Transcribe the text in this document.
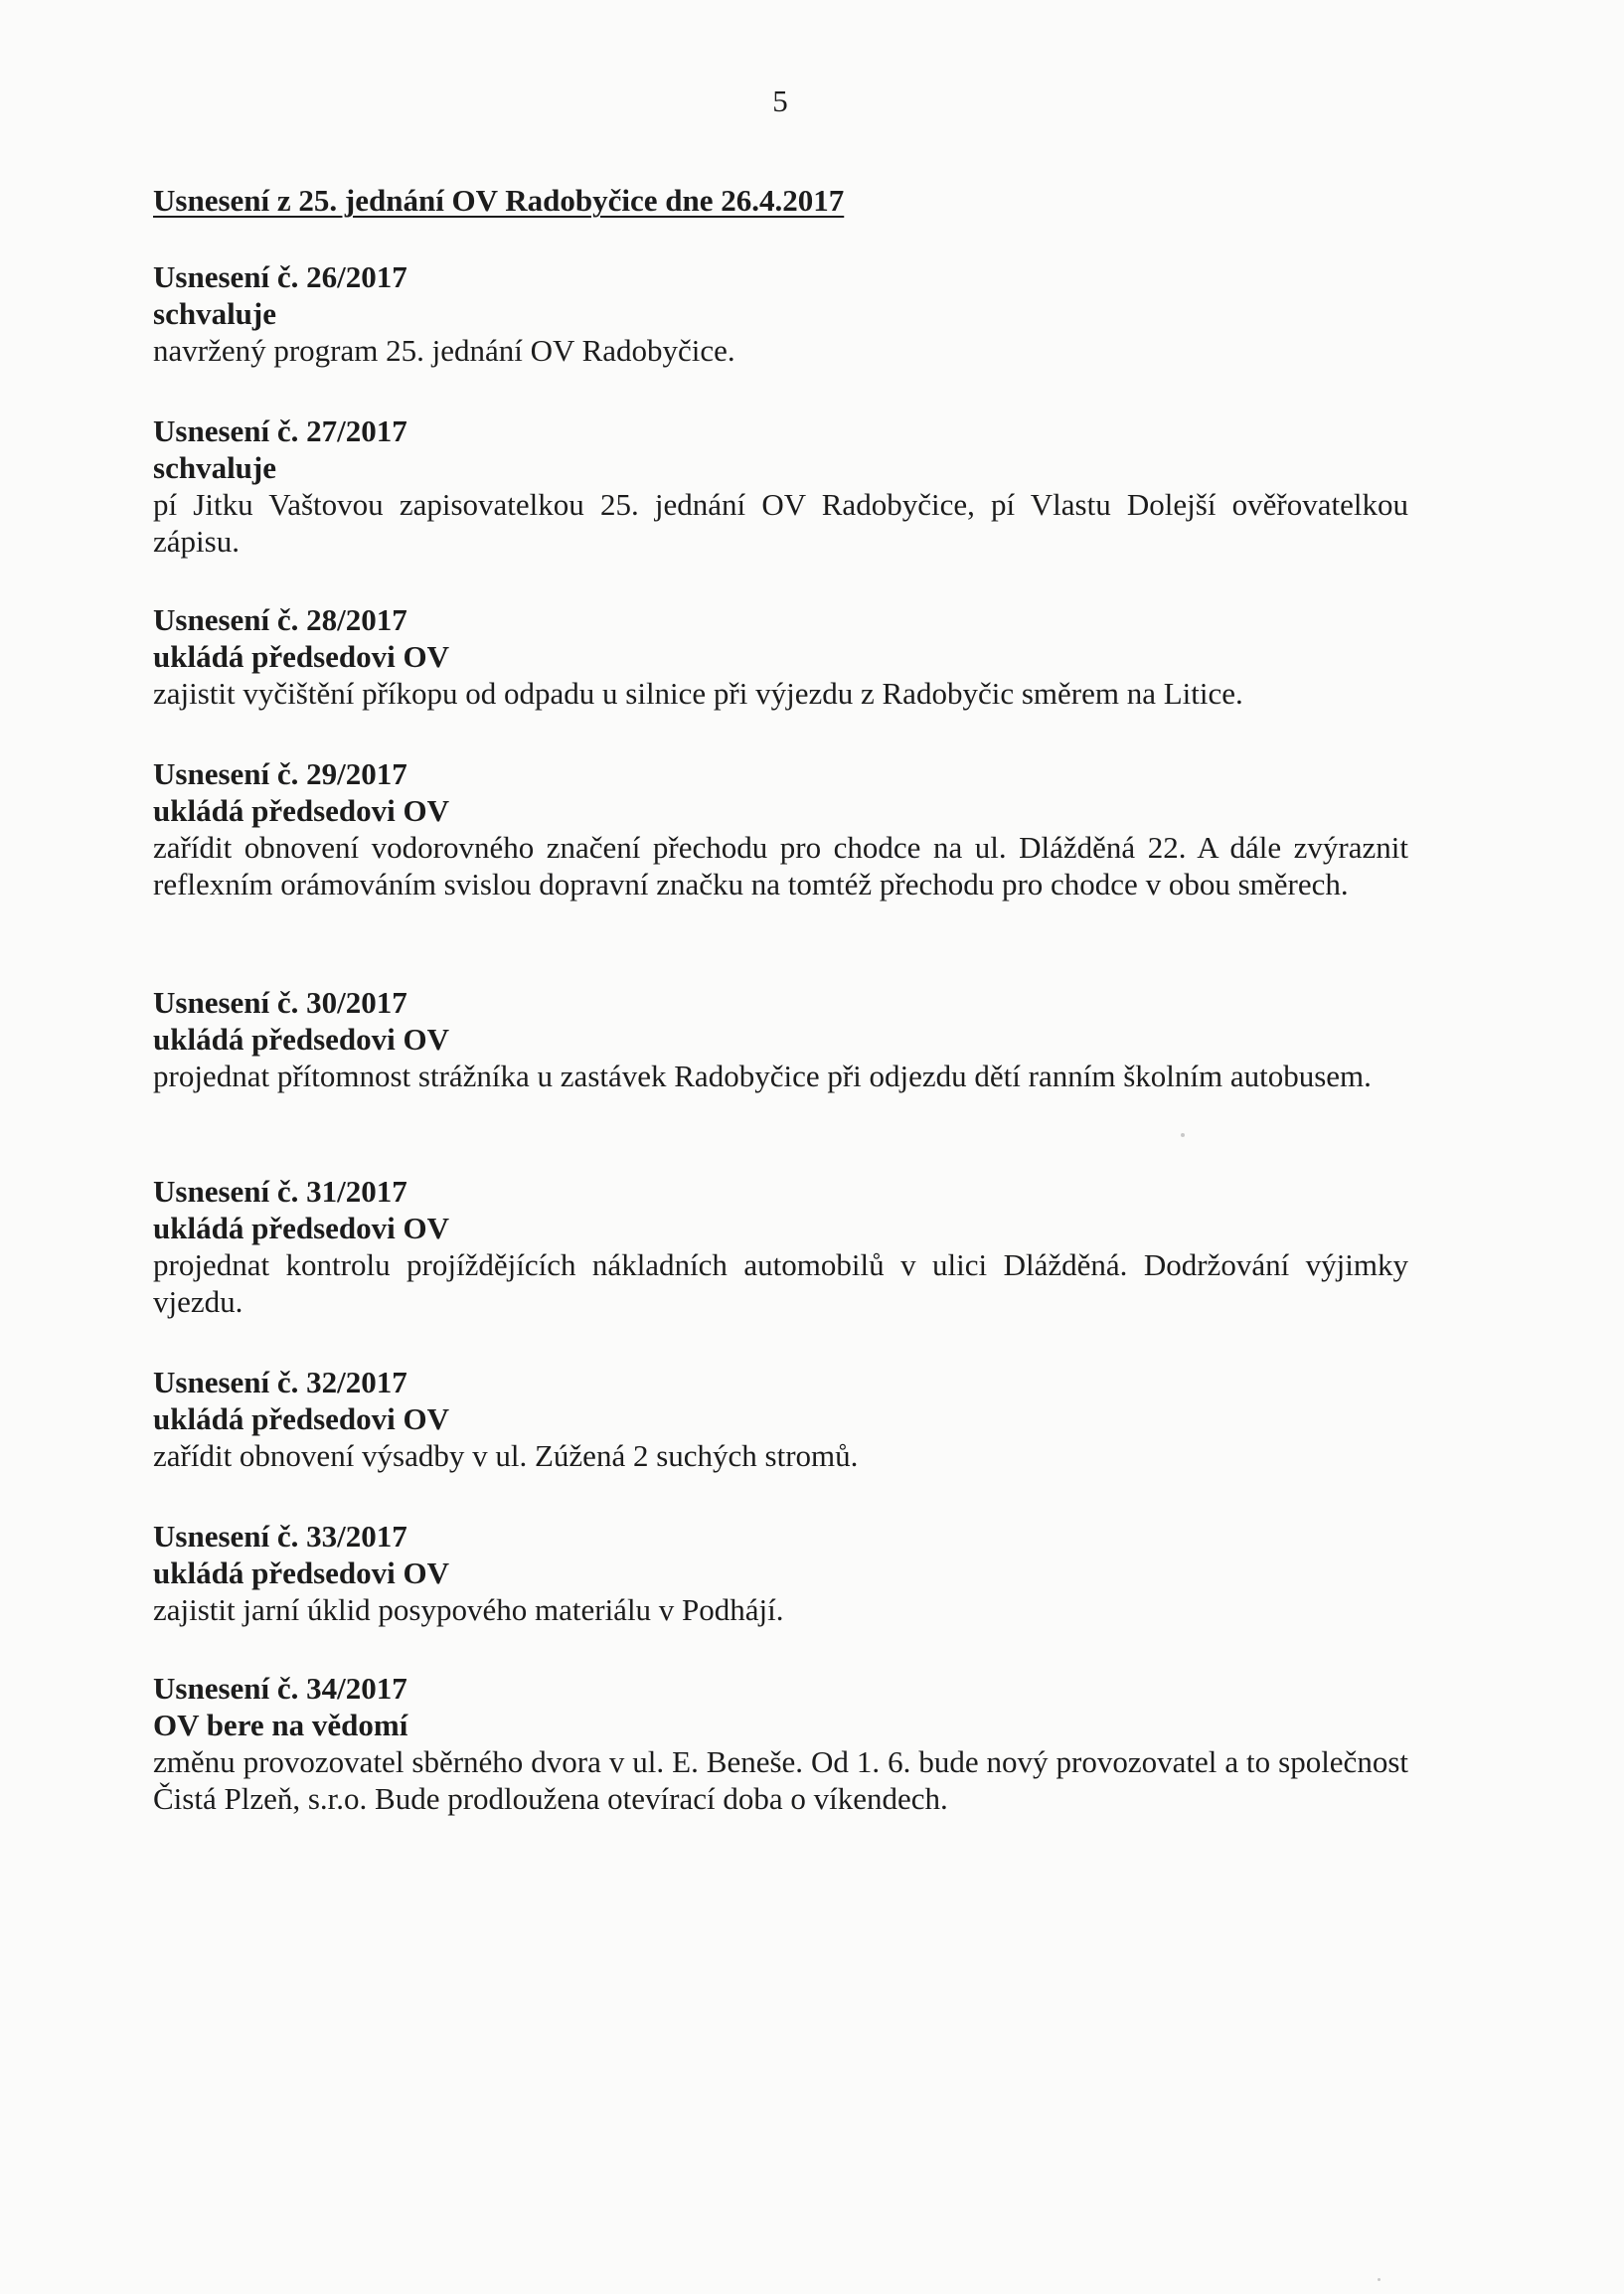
5
Usnesení z 25. jednání OV Radobyčice dne 26.4.2017
Usnesení č. 26/2017
schvaluje
navržený program 25. jednání OV Radobyčice.
Usnesení č. 27/2017
schvaluje
pí Jitku Vaštovou zapisovatelkou 25. jednání OV Radobyčice, pí Vlastu Dolejší ověřovatelkou zápisu.
Usnesení č. 28/2017
ukládá předsedovi OV
zajistit vyčištění příkopu od odpadu u silnice při výjezdu z Radobyčic směrem na Litice.
Usnesení č. 29/2017
ukládá předsedovi OV
zařídit obnovení vodorovného značení přechodu pro chodce na ul. Dlážděná 22. A dále zvýraznit reflexním orámováním svislou dopravní značku na tomtéž přechodu pro chodce v obou směrech.
Usnesení č. 30/2017
ukládá předsedovi OV
projednat přítomnost strážníka u zastávek Radobyčice při odjezdu dětí ranním školním autobusem.
Usnesení č. 31/2017
ukládá předsedovi OV
projednat kontrolu projíždějících nákladních automobilů v ulici Dlážděná. Dodržování výjimky vjezdu.
Usnesení č. 32/2017
ukládá předsedovi OV
zařídit obnovení výsadby v ul. Zúžená 2 suchých stromů.
Usnesení č. 33/2017
ukládá předsedovi OV
zajistit jarní úklid posypového materiálu v Podhájí.
Usnesení č. 34/2017
OV bere na vědomí
změnu provozovatel sběrného dvora v ul. E. Beneše. Od 1. 6. bude nový provozovatel a to společnost Čistá Plzeň, s.r.o. Bude prodloužena otevírací doba o víkendech.
